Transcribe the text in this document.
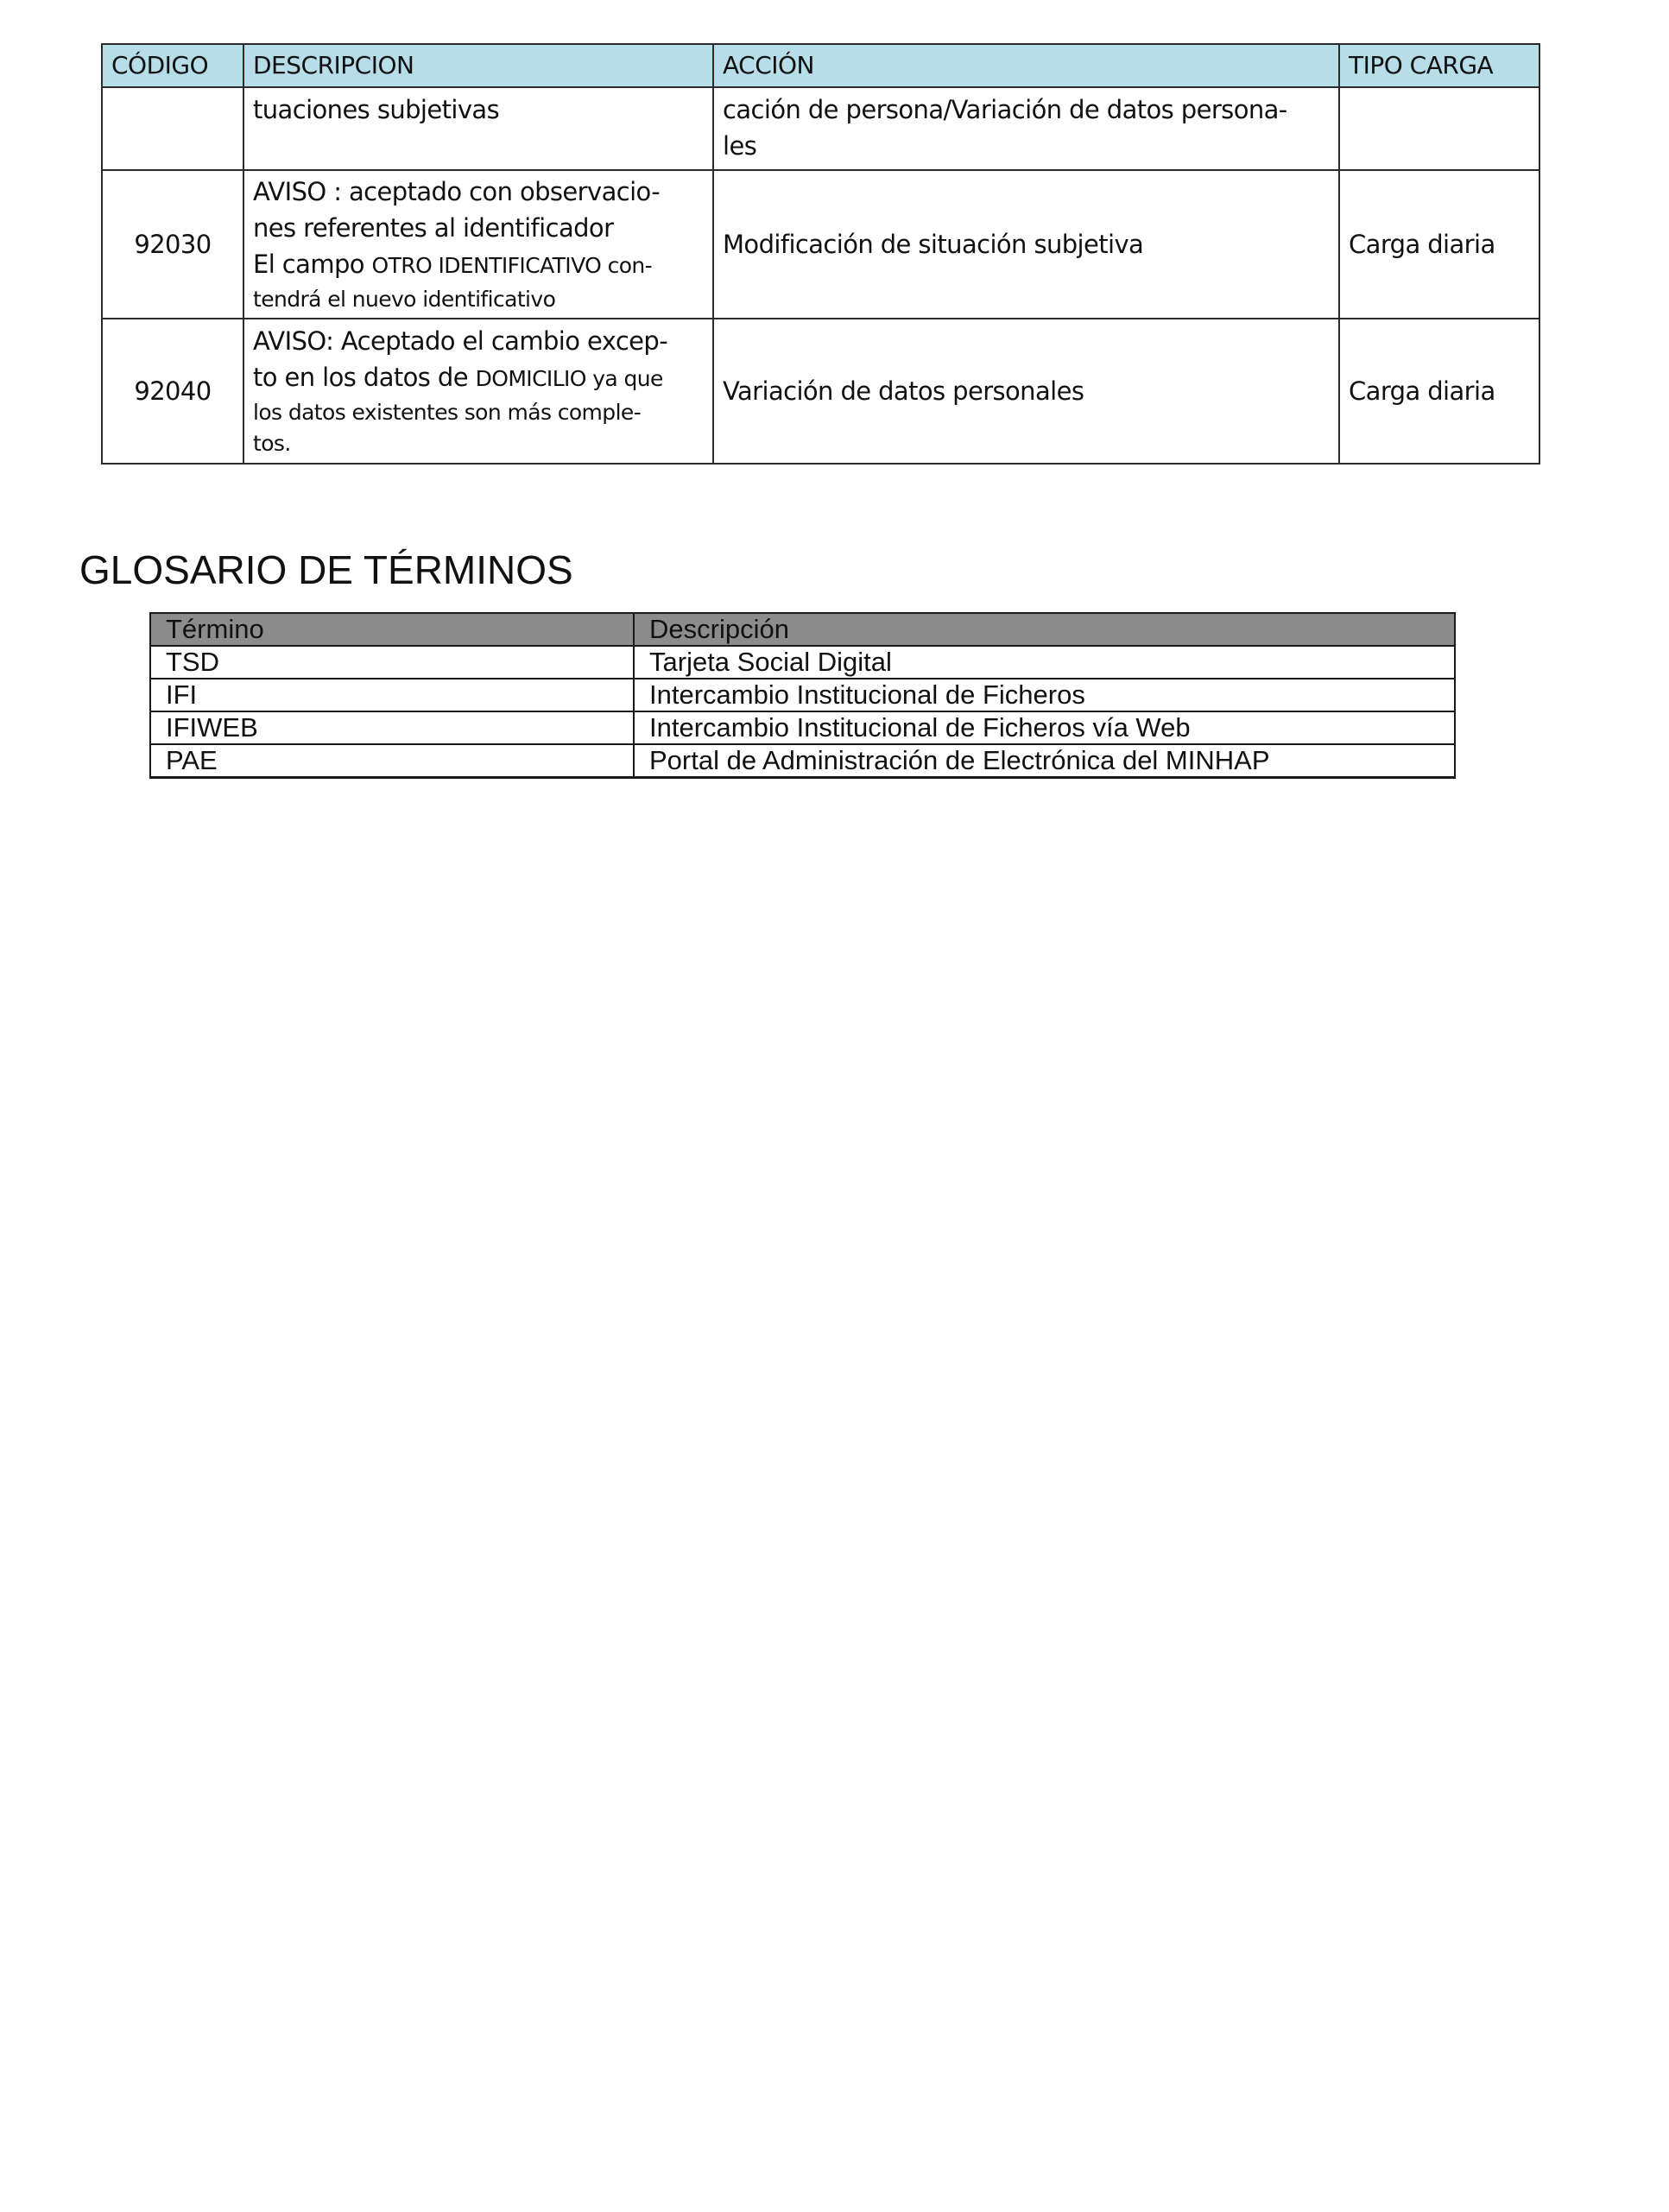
CÓDIGO	DESCRIPCION	ACCIÓN	TIPO CARGA

	tuaciones subjetivas	cación de persona/Variación de datos persona-
les	

92030	AVISO : aceptado con observacio-
nes referentes al identificador
El campo OTRO IDENTIFICATIVO con-
tendrá el nuevo identificativo	Modificación de situación subjetiva	Carga diaria
92040	AVISO: Aceptado el cambio excep-
to en los datos de DOMICILIO ya que
los datos existentes son más comple-
tos.	Variación de datos personales	Carga diaria
GLOSARIO DE TÉRMINOS
Término	Descripción
TSD	Tarjeta Social Digital
IFI	Intercambio Institucional de Ficheros
IFIWEB	Intercambio Institucional de Ficheros vía Web
PAE	Portal de Administración de Electrónica del MINHAP
